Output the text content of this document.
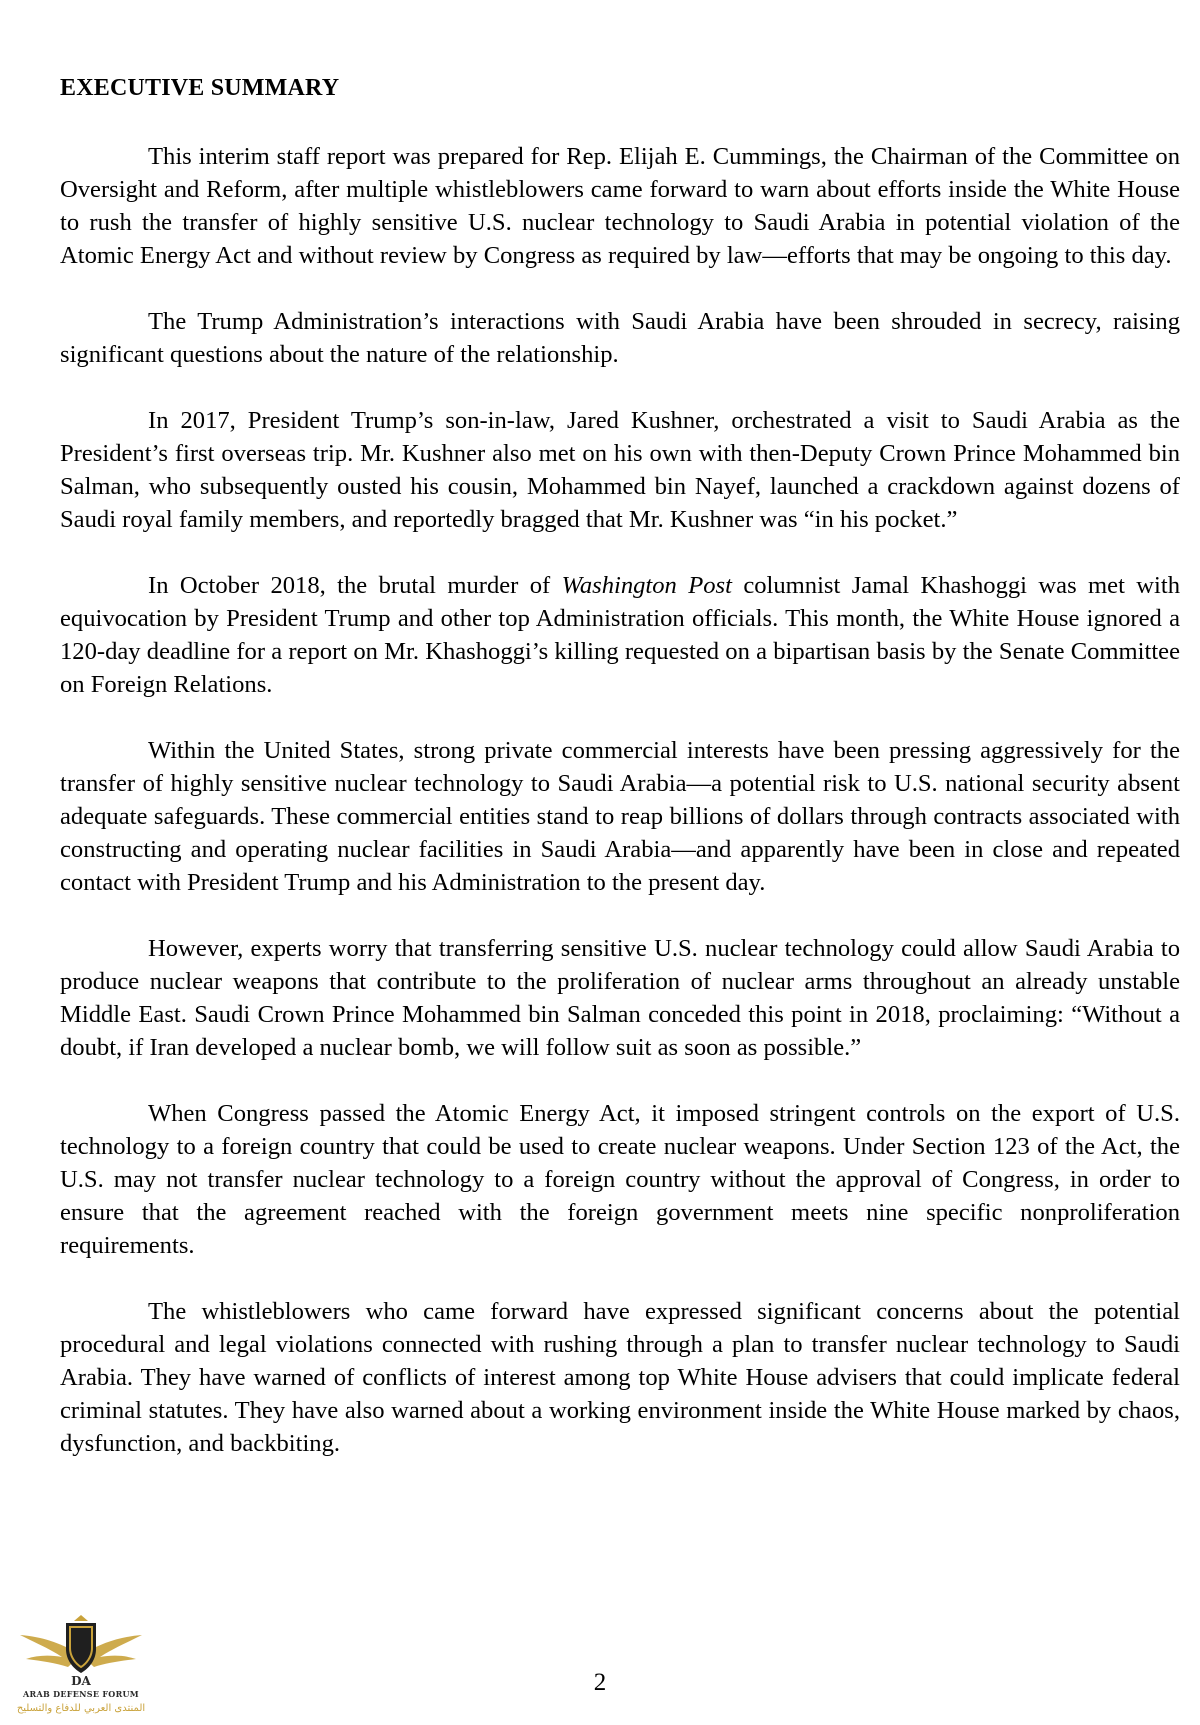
EXECUTIVE SUMMARY

This interim staff report was prepared for Rep. Elijah E. Cummings, the Chairman of the Committee on Oversight and Reform, after multiple whistleblowers came forward to warn about efforts inside the White House to rush the transfer of highly sensitive U.S. nuclear technology to Saudi Arabia in potential violation of the Atomic Energy Act and without review by Congress as required by law—efforts that may be ongoing to this day.

The Trump Administration’s interactions with Saudi Arabia have been shrouded in secrecy, raising significant questions about the nature of the relationship.

In 2017, President Trump’s son-in-law, Jared Kushner, orchestrated a visit to Saudi Arabia as the President’s first overseas trip. Mr. Kushner also met on his own with then-Deputy Crown Prince Mohammed bin Salman, who subsequently ousted his cousin, Mohammed bin Nayef, launched a crackdown against dozens of Saudi royal family members, and reportedly bragged that Mr. Kushner was “in his pocket.”

In October 2018, the brutal murder of Washington Post columnist Jamal Khashoggi was met with equivocation by President Trump and other top Administration officials. This month, the White House ignored a 120-day deadline for a report on Mr. Khashoggi’s killing requested on a bipartisan basis by the Senate Committee on Foreign Relations.

Within the United States, strong private commercial interests have been pressing aggressively for the transfer of highly sensitive nuclear technology to Saudi Arabia—a potential risk to U.S. national security absent adequate safeguards. These commercial entities stand to reap billions of dollars through contracts associated with constructing and operating nuclear facilities in Saudi Arabia—and apparently have been in close and repeated contact with President Trump and his Administration to the present day.

However, experts worry that transferring sensitive U.S. nuclear technology could allow Saudi Arabia to produce nuclear weapons that contribute to the proliferation of nuclear arms throughout an already unstable Middle East. Saudi Crown Prince Mohammed bin Salman conceded this point in 2018, proclaiming: “Without a doubt, if Iran developed a nuclear bomb, we will follow suit as soon as possible.”

When Congress passed the Atomic Energy Act, it imposed stringent controls on the export of U.S. technology to a foreign country that could be used to create nuclear weapons. Under Section 123 of the Act, the U.S. may not transfer nuclear technology to a foreign country without the approval of Congress, in order to ensure that the agreement reached with the foreign government meets nine specific nonproliferation requirements.

The whistleblowers who came forward have expressed significant concerns about the potential procedural and legal violations connected with rushing through a plan to transfer nuclear technology to Saudi Arabia. They have warned of conflicts of interest among top White House advisers that could implicate federal criminal statutes. They have also warned about a working environment inside the White House marked by chaos, dysfunction, and backbiting.

2
DA
ARAB DEFENSE FORUM
المنتدى العربي للدفاع والتسليح
